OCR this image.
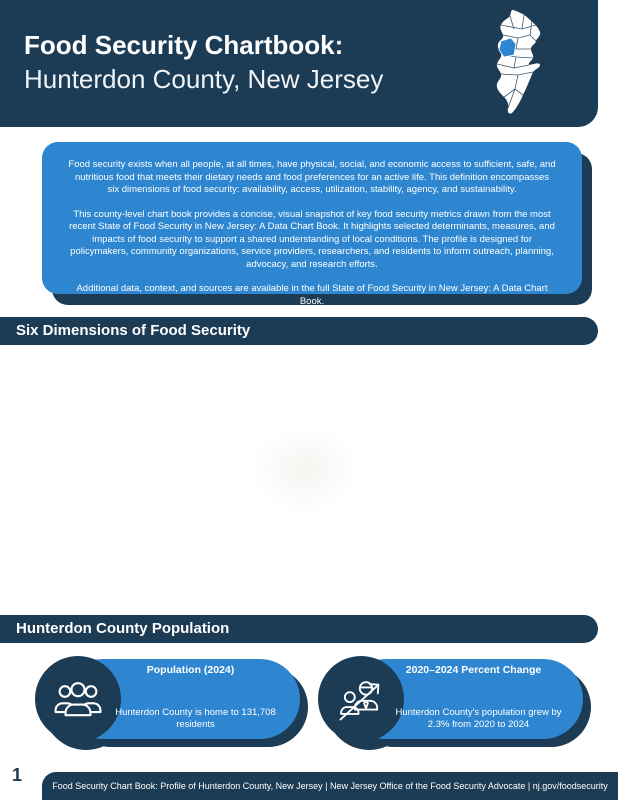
Food Security Chartbook:
Hunterdon County, New Jersey

Food security exists when all people, at all times, have physical, social, and economic access to sufficient, safe, and nutritious food that meets their dietary needs and food preferences for an active life. This definition encompasses six dimensions of food security: availability, access, utilization, stability, agency, and sustainability.

This county-level chart book provides a concise, visual snapshot of key food security metrics drawn from the most recent State of Food Security in New Jersey: A Data Chart Book. It highlights selected determinants, measures, and impacts of food security to support a shared understanding of local conditions. The profile is designed for policymakers, community organizations, service providers, researchers, and residents to inform outreach, planning, advocacy, and research efforts.

Additional data, context, and sources are available in the full State of Food Security in New Jersey: A Data Chart Book.

Six Dimensions of Food Security
Hunterdon County Population
Population (2024)
Hunterdon County is home to 131,708 residents
2020–2024 Percent Change
Hunterdon County's population grew by 2.3% from 2020 to 2024
1
Food Security Chart Book: Profile of Hunterdon County, New Jersey | New Jersey Office of the Food Security Advocate | nj.gov/foodsecurity
